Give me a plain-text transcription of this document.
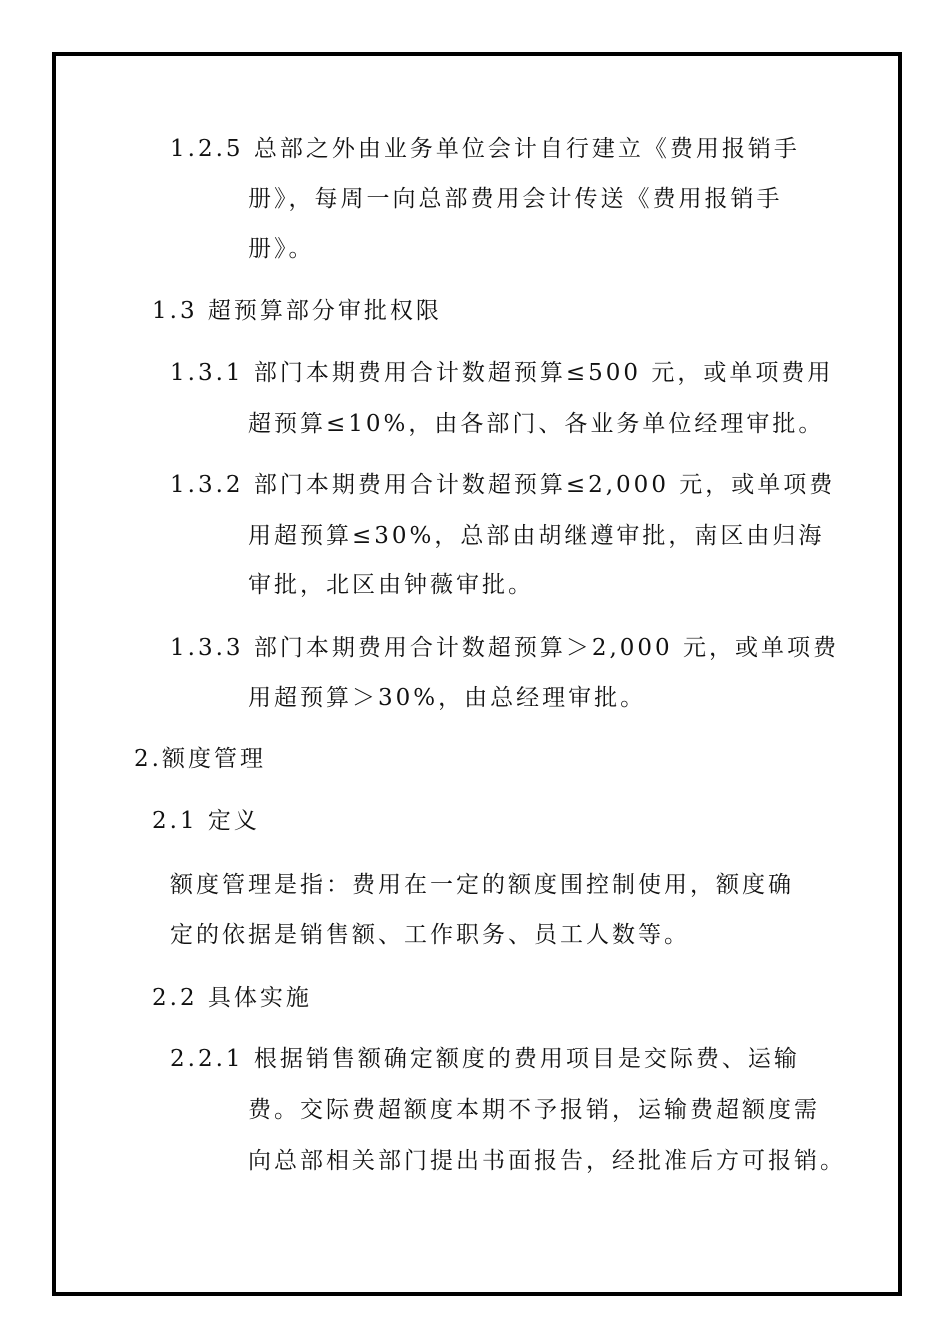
1.2.5 总部之外由业务单位会计自行建立《费用报销手
册》，每周一向总部费用会计传送《费用报销手
册》。
1.3 超预算部分审批权限
1.3.1 部门本期费用合计数超预算≤500 元，或单项费用
超预算≤10%，由各部门、各业务单位经理审批。
1.3.2 部门本期费用合计数超预算≤2,000 元，或单项费
用超预算≤30%，总部由胡继遵审批，南区由归海
审批，北区由钟薇审批。
1.3.3 部门本期费用合计数超预算＞2,000 元，或单项费
用超预算＞30%，由总经理审批。
2.额度管理
2.1 定义
额度管理是指：费用在一定的额度围控制使用，额度确
定的依据是销售额、工作职务、员工人数等。
2.2 具体实施
2.2.1 根据销售额确定额度的费用项目是交际费、运输
费。交际费超额度本期不予报销，运输费超额度需
向总部相关部门提出书面报告，经批准后方可报销。
